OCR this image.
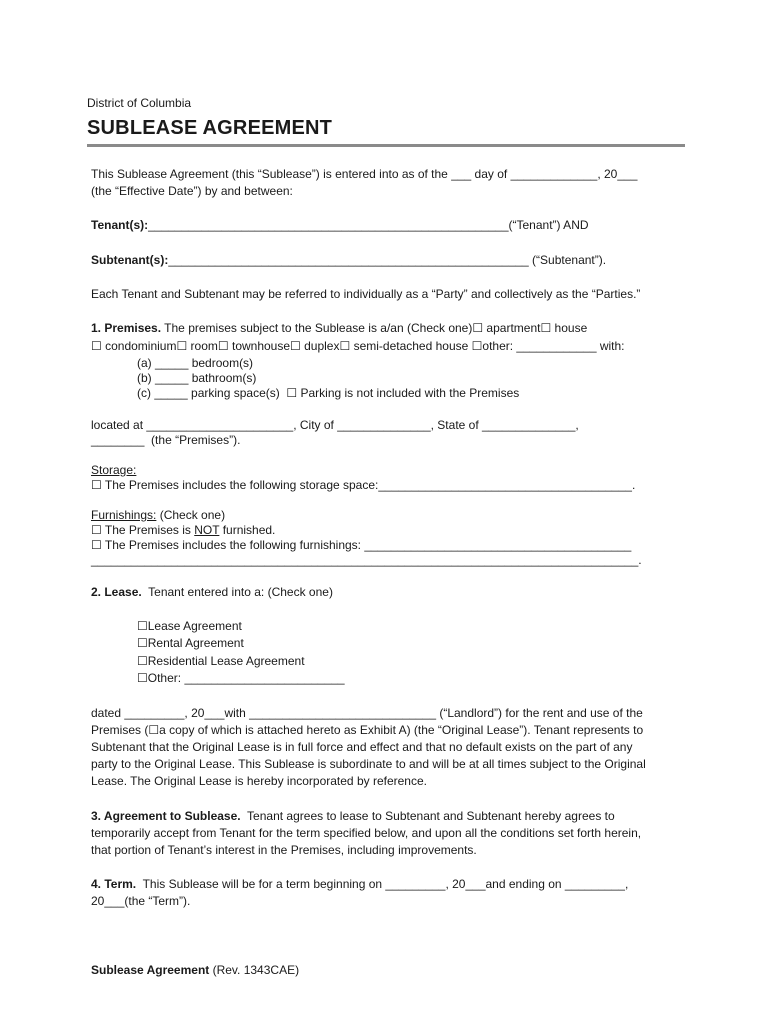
District of Columbia
SUBLEASE AGREEMENT
This Sublease Agreement (this “Sublease”) is entered into as of the ___ day of _____________, 20___
(the “Effective Date”) by and between:
Tenant(s):______________________________________________________(“Tenant”) AND
Subtenant(s):______________________________________________________ (“Subtenant”).
Each Tenant and Subtenant may be referred to individually as a “Party” and collectively as the “Parties.”
1. Premises. The premises subject to the Sublease is a/an (Check one)☐ apartment☐ house
☐ condominium☐ room☐ townhouse☐ duplex☐ semi-detached house ☐other: ____________ with:
(a) _____ bedroom(s)
(b) _____ bathroom(s)
(c) _____ parking space(s)  ☐ Parking is not included with the Premises
located at ______________________, City of ______________, State of ______________,
________  (the “Premises”).
Storage:
☐ The Premises includes the following storage space:______________________________________.
Furnishings: (Check one)
☐ The Premises is NOT furnished.
☐ The Premises includes the following furnishings: ________________________________________
__________________________________________________________________________________.
2. Lease.  Tenant entered into a: (Check one)
☐Lease Agreement
☐Rental Agreement
☐Residential Lease Agreement
☐Other: ________________________
dated _________, 20___with ____________________________ (“Landlord”) for the rent and use of the
Premises (☐a copy of which is attached hereto as Exhibit A) (the “Original Lease”). Tenant represents to
Subtenant that the Original Lease is in full force and effect and that no default exists on the part of any
party to the Original Lease. This Sublease is subordinate to and will be at all times subject to the Original
Lease. The Original Lease is hereby incorporated by reference.
3. Agreement to Sublease.  Tenant agrees to lease to Subtenant and Subtenant hereby agrees to
temporarily accept from Tenant for the term specified below, and upon all the conditions set forth herein,
that portion of Tenant’s interest in the Premises, including improvements.
4. Term.  This Sublease will be for a term beginning on _________, 20___and ending on _________,
20___(the “Term”).
Sublease Agreement (Rev. 1343CAE)
